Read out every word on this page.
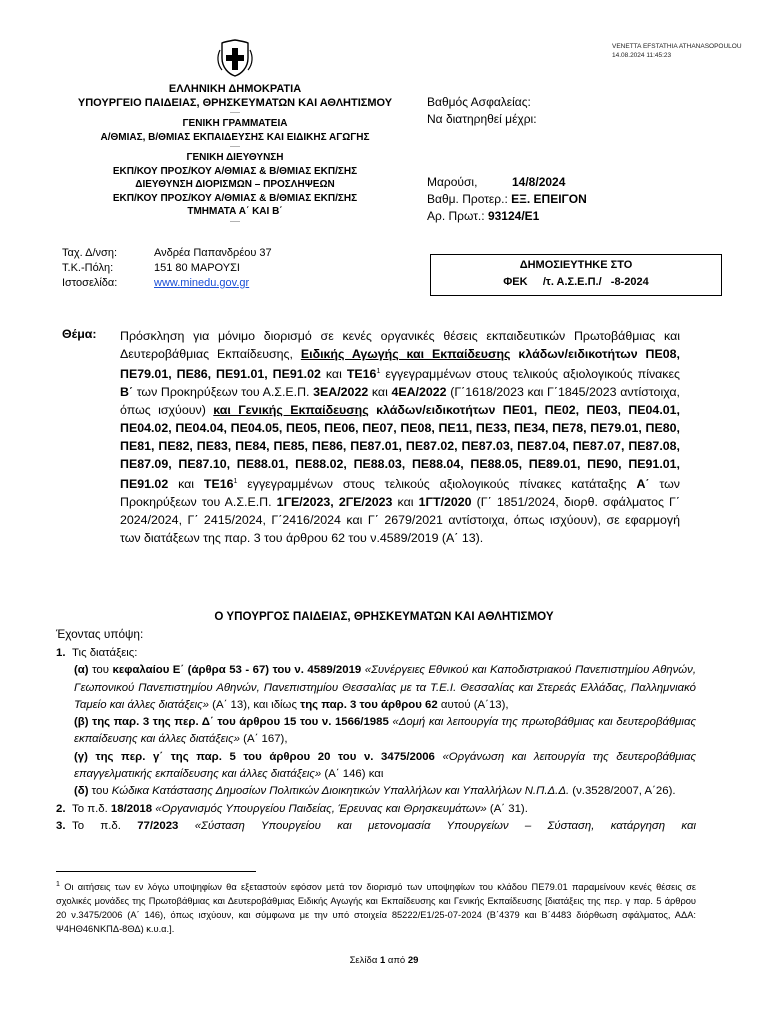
VENETTA EFSTATHIA ATHANASOPOULOU
14.08.2024 11:45:23
ΕΛΛΗΝΙΚΗ ΔΗΜΟΚΡΑΤΙΑ
ΥΠΟΥΡΓΕΙΟ ΠΑΙΔΕΙΑΣ, ΘΡΗΣΚΕΥΜΑΤΩΝ ΚΑΙ ΑΘΛΗΤΙΣΜΟΥ
-----
ΓΕΝΙΚΗ ΓΡΑΜΜΑΤΕΙΑ
Α/ΘΜΙΑΣ, Β/ΘΜΙΑΣ ΕΚΠΑΙΔΕΥΣΗΣ ΚΑΙ ΕΙΔΙΚΗΣ ΑΓΩΓΗΣ
-----
ΓΕΝΙΚΗ ΔΙΕΥΘΥΝΣΗ
ΕΚΠ/ΚΟΥ ΠΡΟΣ/ΚΟΥ Α/ΘΜΙΑΣ & Β/ΘΜΙΑΣ ΕΚΠ/ΣΗΣ
ΔΙΕΥΘΥΝΣΗ ΔΙΟΡΙΣΜΩΝ – ΠΡΟΣΛΗΨΕΩΝ
ΕΚΠ/ΚΟΥ ΠΡΟΣ/ΚΟΥ Α/ΘΜΙΑΣ & Β/ΘΜΙΑΣ ΕΚΠ/ΣΗΣ
ΤΜΗΜΑΤΑ Α΄ ΚΑΙ Β΄
-----
Βαθμός Ασφαλείας:
Να διατηρηθεί μέχρι:
Μαρούσι,	14/8/2024
Βαθμ. Προτερ.: ΕΞ. ΕΠΕΙΓΟΝ
Αρ. Πρωτ.: 93124/Ε1
Ταχ. Δ/νση:	Ανδρέα Παπανδρέου 37
Τ.Κ.-Πόλη:	151 80 ΜΑΡΟΥΣΙ
Ιστοσελίδα:	www.minedu.gov.gr
ΔΗΜΟΣΙΕΥΤΗΚΕ ΣΤΟ
ΦΕΚ     /τ. Α.Σ.Ε.Π./   -8-2024
Θέμα: Πρόσκληση για μόνιμο διορισμό σε κενές οργανικές θέσεις εκπαιδευτικών Πρωτοβάθμιας και Δευτεροβάθμιας Εκπαίδευσης, Ειδικής Αγωγής και Εκπαίδευσης κλάδων/ειδικοτήτων ΠΕ08, ΠΕ79.01, ΠΕ86, ΠΕ91.01, ΠΕ91.02 και $TE16^1$ εγγεγραμμένων στους τελικούς αξιολογικούς πίνακες Β΄ των Προκηρύξεων του Α.Σ.Ε.Π. 3ΕΑ/2022 και 4ΕΑ/2022 (Γ΄1618/2023 και Γ΄1845/2023 αντίστοιχα, όπως ισχύουν) και Γενικής Εκπαίδευσης κλάδων/ειδικοτήτων ΠΕ01, ΠΕ02, ΠΕ03, ΠΕ04.01, ΠΕ04.02, ΠΕ04.04, ΠΕ04.05, ΠΕ05, ΠΕ06, ΠΕ07, ΠΕ08, ΠΕ11, ΠΕ33, ΠΕ34, ΠΕ78, ΠΕ79.01, ΠΕ80, ΠΕ81, ΠΕ82, ΠΕ83, ΠΕ84, ΠΕ85, ΠΕ86, ΠΕ87.01, ΠΕ87.02, ΠΕ87.03, ΠΕ87.04, ΠΕ87.07, ΠΕ87.08, ΠΕ87.09, ΠΕ87.10, ΠΕ88.01, ΠΕ88.02, ΠΕ88.03, ΠΕ88.04, ΠΕ88.05, ΠΕ89.01, ΠΕ90, ΠΕ91.01, ΠΕ91.02 και $TE16^1$ εγγεγραμμένων στους τελικούς αξιολογικούς πίνακες κατάταξης Α΄ των Προκηρύξεων του Α.Σ.Ε.Π. 1ΓΕ/2023, 2ΓΕ/2023 και 1ΓΤ/2020 (Γ΄ 1851/2024, διορθ. σφάλματος Γ΄ 2024/2024, Γ΄ 2415/2024, Γ΄2416/2024 και Γ΄ 2679/2021 αντίστοιχα, όπως ισχύουν), σε εφαρμογή των διατάξεων της παρ. 3 του άρθρου 62 του ν.4589/2019 (Α΄ 13).
Ο ΥΠΟΥΡΓΟΣ ΠΑΙΔΕΙΑΣ, ΘΡΗΣΚΕΥΜΑΤΩΝ ΚΑΙ ΑΘΛΗΤΙΣΜΟΥ
Έχοντας υπόψη:
1. Τις διατάξεις:
(α) του κεφαλαίου Ε΄ (άρθρα 53 - 67) του ν. 4589/2019 «Συνέργειες Εθνικού και Καποδιστριακού Πανεπιστημίου Αθηνών, Γεωπονικού Πανεπιστημίου Αθηνών, Πανεπιστημίου Θεσσαλίας με τα Τ.Ε.Ι. Θεσσαλίας και Στερεάς Ελλάδας, Παλλημνιακό Ταμείο και άλλες διατάξεις» (Α΄ 13), και ιδίως της παρ. 3 του άρθρου 62 αυτού (Α΄13),
(β) της παρ. 3 της περ. Δ΄ του άρθρου 15 του ν. 1566/1985 «Δομή και λειτουργία της πρωτοβάθμιας και δευτεροβάθμιας εκπαίδευσης και άλλες διατάξεις» (Α΄ 167),
(γ) της περ. γ΄ της παρ. 5 του άρθρου 20 του ν. 3475/2006 «Οργάνωση και λειτουργία της δευτεροβάθμιας επαγγελματικής εκπαίδευσης και άλλες διατάξεις» (Α΄ 146) και
(δ) του Κώδικα Κατάστασης Δημοσίων Πολιτικών Διοικητικών Υπαλλήλων και Υπαλλήλων Ν.Π.Δ.Δ. (ν.3528/2007, Α΄26).
2. Το π.δ. 18/2018 «Οργανισμός Υπουργείου Παιδείας, Έρευνας και Θρησκευμάτων» (Α΄ 31).
3. Το π.δ. 77/2023 «Σύσταση Υπουργείου και μετονομασία Υπουργείων – Σύσταση, κατάργηση και
$^1$ Οι αιτήσεις των εν λόγω υποψηφίων θα εξεταστούν εφόσον μετά τον διορισμό των υποψηφίων του κλάδου ΠΕ79.01 παραμείνουν κενές θέσεις σε σχολικές μονάδες της Πρωτοβάθμιας και Δευτεροβάθμιας Ειδικής Αγωγής και Εκπαίδευσης και Γενικής Εκπαίδευσης [διατάξεις της περ. γ παρ. 5 άρθρου 20 ν.3475/2006 (Α΄ 146), όπως ισχύουν, και σύμφωνα με την υπό στοιχεία 85222/Ε1/25-07-2024 (Β΄4379 και Β΄4483 διόρθωση σφάλματος, ΑΔΑ: Ψ4ΗΘ46ΝΚΠΔ-8ΘΔ) κ.υ.α.].
Σελίδα 1 από 29
